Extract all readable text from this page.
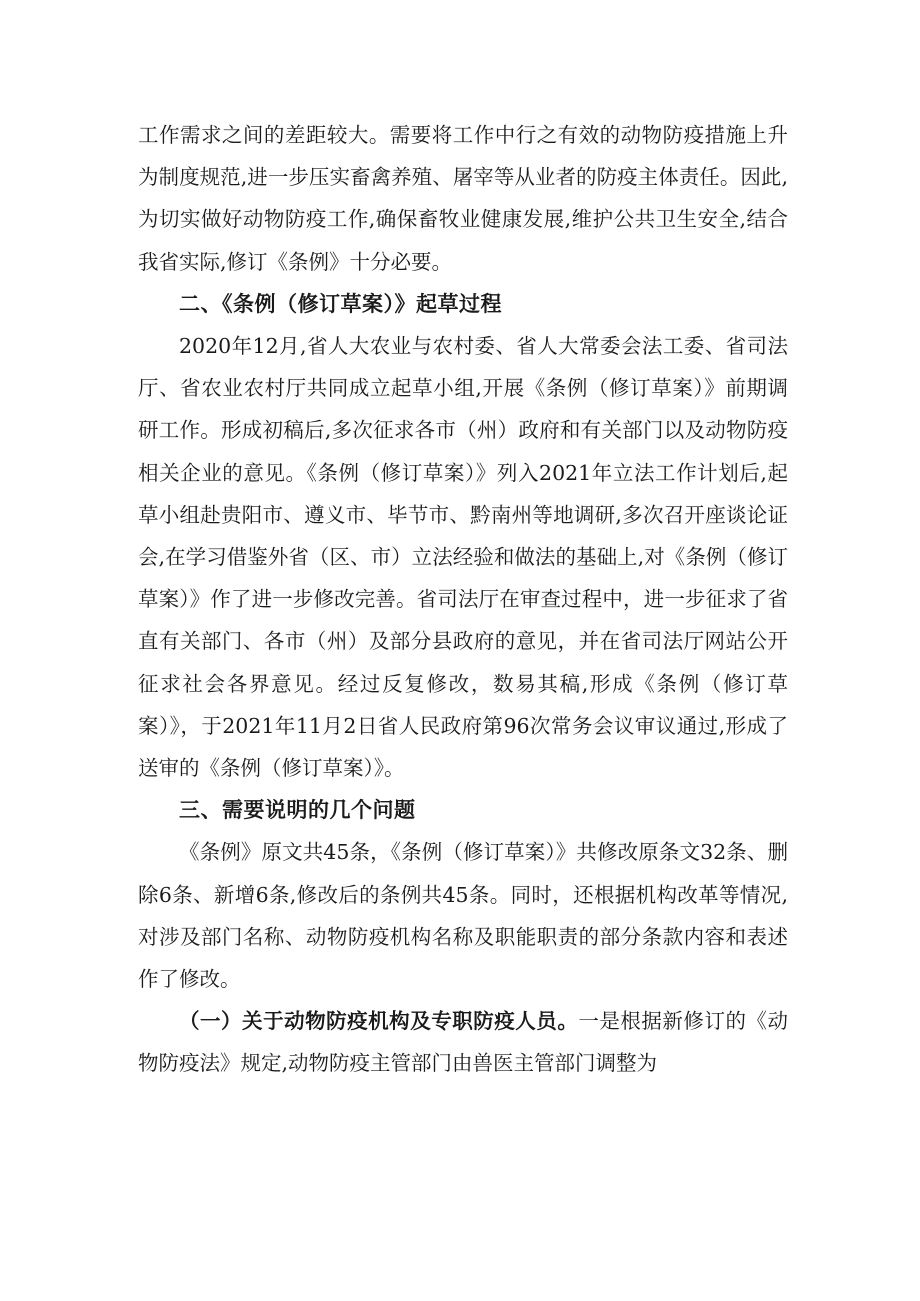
工作需求之间的差距较大。需要将工作中行之有效的动物防疫措施上升为制度规范,进一步压实畜禽养殖、屠宰等从业者的防疫主体责任。因此,为切实做好动物防疫工作,确保畜牧业健康发展,维护公共卫生安全,结合我省实际,修订《条例》十分必要。

二、《条例（修订草案）》起草过程

2020年12月,省人大农业与农村委、省人大常委会法工委、省司法厅、省农业农村厅共同成立起草小组,开展《条例（修订草案）》前期调研工作。形成初稿后,多次征求各市（州）政府和有关部门以及动物防疫相关企业的意见。《条例（修订草案）》列入2021年立法工作计划后,起草小组赴贵阳市、遵义市、毕节市、黔南州等地调研,多次召开座谈论证会,在学习借鉴外省（区、市）立法经验和做法的基础上,对《条例（修订草案）》作了进一步修改完善。省司法厅在审查过程中，进一步征求了省直有关部门、各市（州）及部分县政府的意见，并在省司法厅网站公开征求社会各界意见。经过反复修改，数易其稿,形成《条例（修订草案）》，于2021年11月2日省人民政府第96次常务会议审议通过,形成了送审的《条例（修订草案）》。

三、需要说明的几个问题

《条例》原文共45条，《条例（修订草案）》共修改原条文32条、删除6条、新增6条,修改后的条例共45条。同时，还根据机构改革等情况,对涉及部门名称、动物防疫机构名称及职能职责的部分条款内容和表述作了修改。

（一）关于动物防疫机构及专职防疫人员。一是根据新修订的《动物防疫法》规定,动物防疫主管部门由兽医主管部门调整为
